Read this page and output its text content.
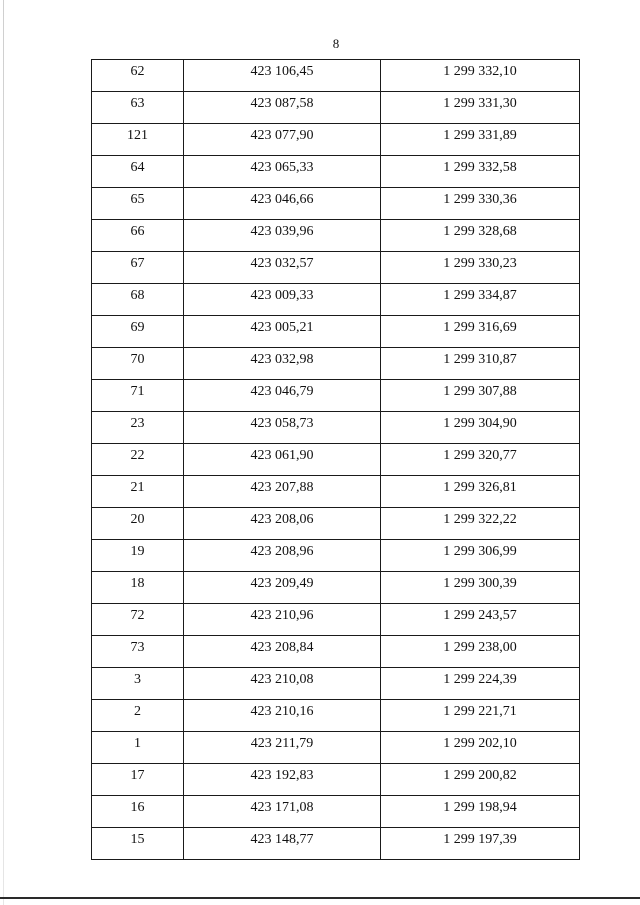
8
62	423 106,45	1 299 332,10
63	423 087,58	1 299 331,30
121	423 077,90	1 299 331,89
64	423 065,33	1 299 332,58
65	423 046,66	1 299 330,36
66	423 039,96	1 299 328,68
67	423 032,57	1 299 330,23
68	423 009,33	1 299 334,87
69	423 005,21	1 299 316,69
70	423 032,98	1 299 310,87
71	423 046,79	1 299 307,88
23	423 058,73	1 299 304,90
22	423 061,90	1 299 320,77
21	423 207,88	1 299 326,81
20	423 208,06	1 299 322,22
19	423 208,96	1 299 306,99
18	423 209,49	1 299 300,39
72	423 210,96	1 299 243,57
73	423 208,84	1 299 238,00
3	423 210,08	1 299 224,39
2	423 210,16	1 299 221,71
1	423 211,79	1 299 202,10
17	423 192,83	1 299 200,82
16	423 171,08	1 299 198,94
15	423 148,77	1 299 197,39
